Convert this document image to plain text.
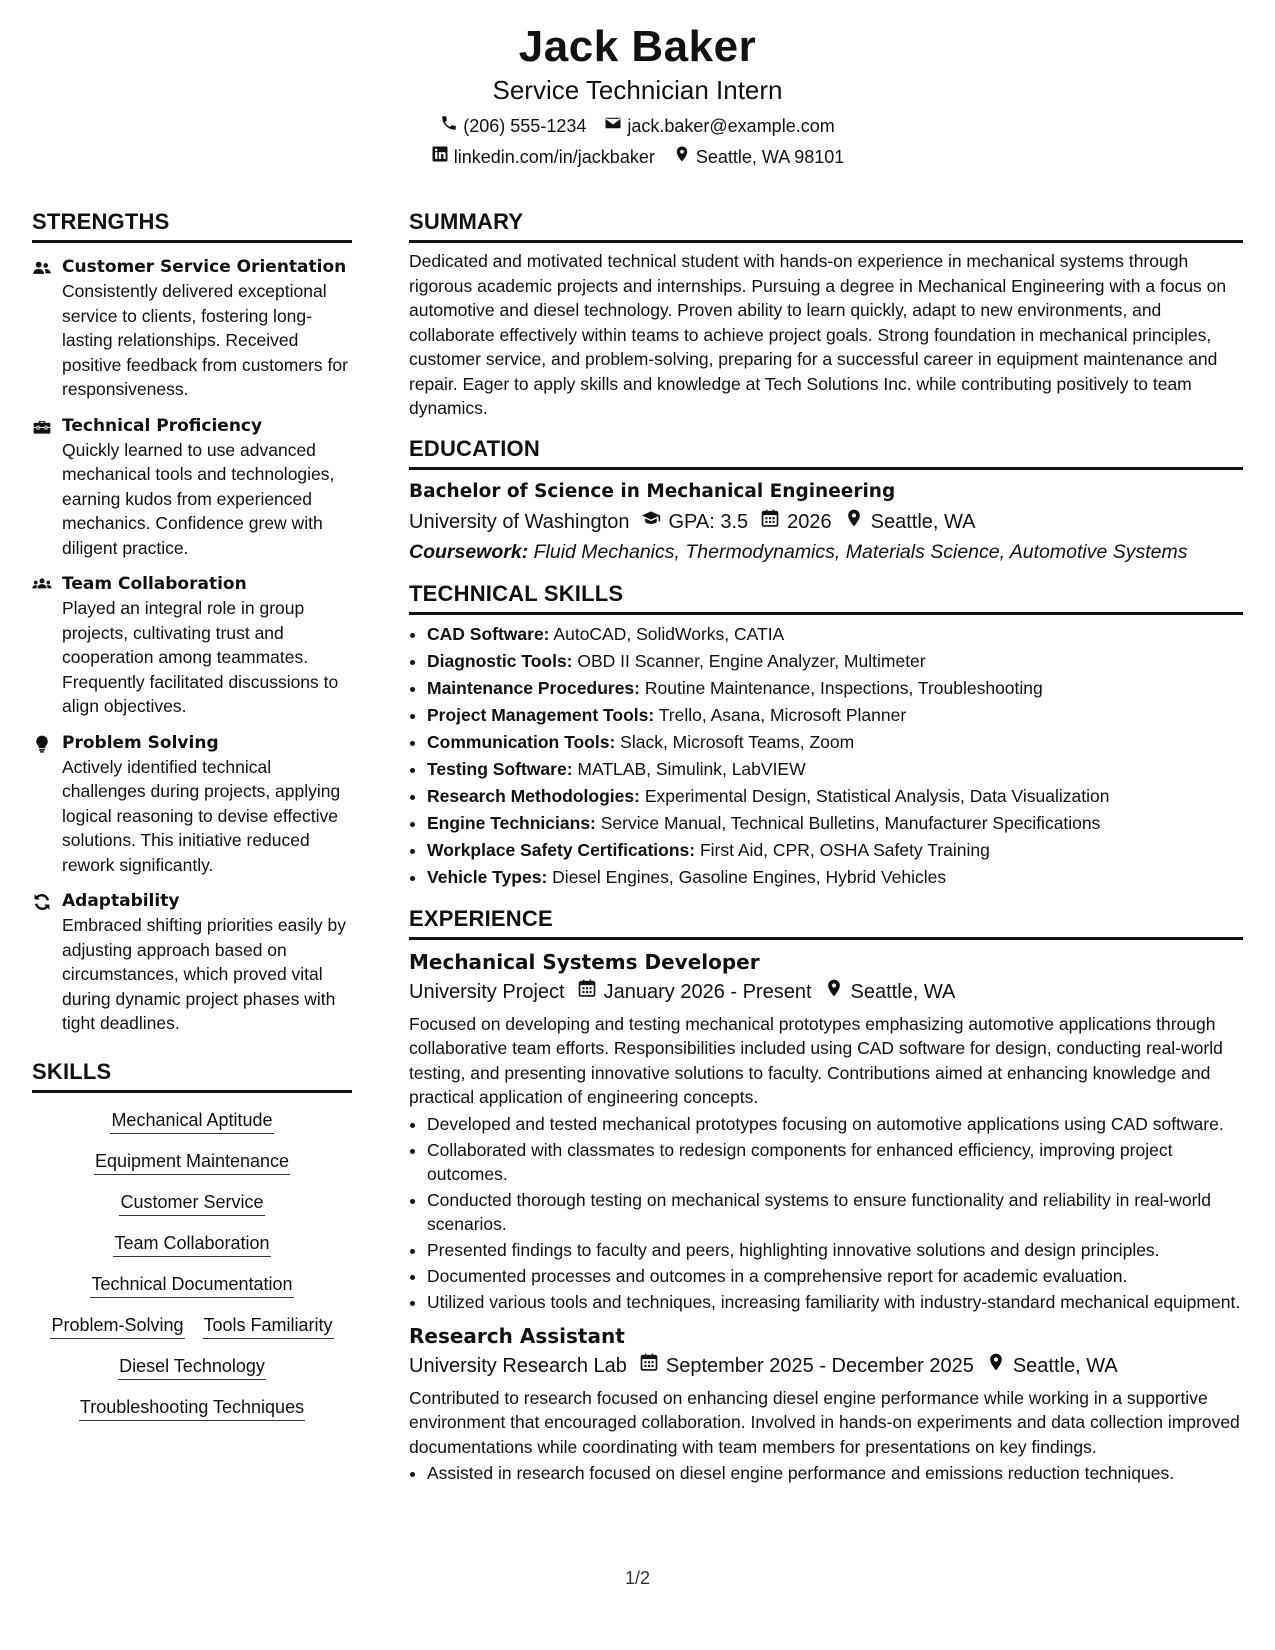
Jack Baker
Service Technician Intern
(206) 555-1234 jack.baker@example.com
linkedin.com/in/jackbaker Seattle, WA 98101
STRENGTHS
Customer Service Orientation
Consistently delivered exceptional service to clients, fostering long-lasting relationships. Received positive feedback from customers for responsiveness.
Technical Proficiency
Quickly learned to use advanced mechanical tools and technologies, earning kudos from experienced mechanics. Confidence grew with diligent practice.
Team Collaboration
Played an integral role in group projects, cultivating trust and cooperation among teammates. Frequently facilitated discussions to align objectives.
Problem Solving
Actively identified technical challenges during projects, applying logical reasoning to devise effective solutions. This initiative reduced rework significantly.
Adaptability
Embraced shifting priorities easily by adjusting approach based on circumstances, which proved vital during dynamic project phases with tight deadlines.
SKILLS
Mechanical Aptitude
Equipment Maintenance
Customer Service
Team Collaboration
Technical Documentation
Problem-Solving Tools Familiarity
Diesel Technology
Troubleshooting Techniques
SUMMARY
Dedicated and motivated technical student with hands-on experience in mechanical systems through rigorous academic projects and internships. Pursuing a degree in Mechanical Engineering with a focus on automotive and diesel technology. Proven ability to learn quickly, adapt to new environments, and collaborate effectively within teams to achieve project goals. Strong foundation in mechanical principles, customer service, and problem-solving, preparing for a successful career in equipment maintenance and repair. Eager to apply skills and knowledge at Tech Solutions Inc. while contributing positively to team dynamics.
EDUCATION
Bachelor of Science in Mechanical Engineering
University of Washington GPA: 3.5 2026 Seattle, WA
Coursework: Fluid Mechanics, Thermodynamics, Materials Science, Automotive Systems
TECHNICAL SKILLS
• CAD Software: AutoCAD, SolidWorks, CATIA
• Diagnostic Tools: OBD II Scanner, Engine Analyzer, Multimeter
• Maintenance Procedures: Routine Maintenance, Inspections, Troubleshooting
• Project Management Tools: Trello, Asana, Microsoft Planner
• Communication Tools: Slack, Microsoft Teams, Zoom
• Testing Software: MATLAB, Simulink, LabVIEW
• Research Methodologies: Experimental Design, Statistical Analysis, Data Visualization
• Engine Technicians: Service Manual, Technical Bulletins, Manufacturer Specifications
• Workplace Safety Certifications: First Aid, CPR, OSHA Safety Training
• Vehicle Types: Diesel Engines, Gasoline Engines, Hybrid Vehicles
EXPERIENCE
Mechanical Systems Developer
University Project January 2026 - Present Seattle, WA
Focused on developing and testing mechanical prototypes emphasizing automotive applications through collaborative team efforts. Responsibilities included using CAD software for design, conducting real-world testing, and presenting innovative solutions to faculty. Contributions aimed at enhancing knowledge and practical application of engineering concepts.
• Developed and tested mechanical prototypes focusing on automotive applications using CAD software.
• Collaborated with classmates to redesign components for enhanced efficiency, improving project outcomes.
• Conducted thorough testing on mechanical systems to ensure functionality and reliability in real-world scenarios.
• Presented findings to faculty and peers, highlighting innovative solutions and design principles.
• Documented processes and outcomes in a comprehensive report for academic evaluation.
• Utilized various tools and techniques, increasing familiarity with industry-standard mechanical equipment.
Research Assistant
University Research Lab September 2025 - December 2025 Seattle, WA
Contributed to research focused on enhancing diesel engine performance while working in a supportive environment that encouraged collaboration. Involved in hands-on experiments and data collection improved documentations while coordinating with team members for presentations on key findings.
• Assisted in research focused on diesel engine performance and emissions reduction techniques.
1/2
